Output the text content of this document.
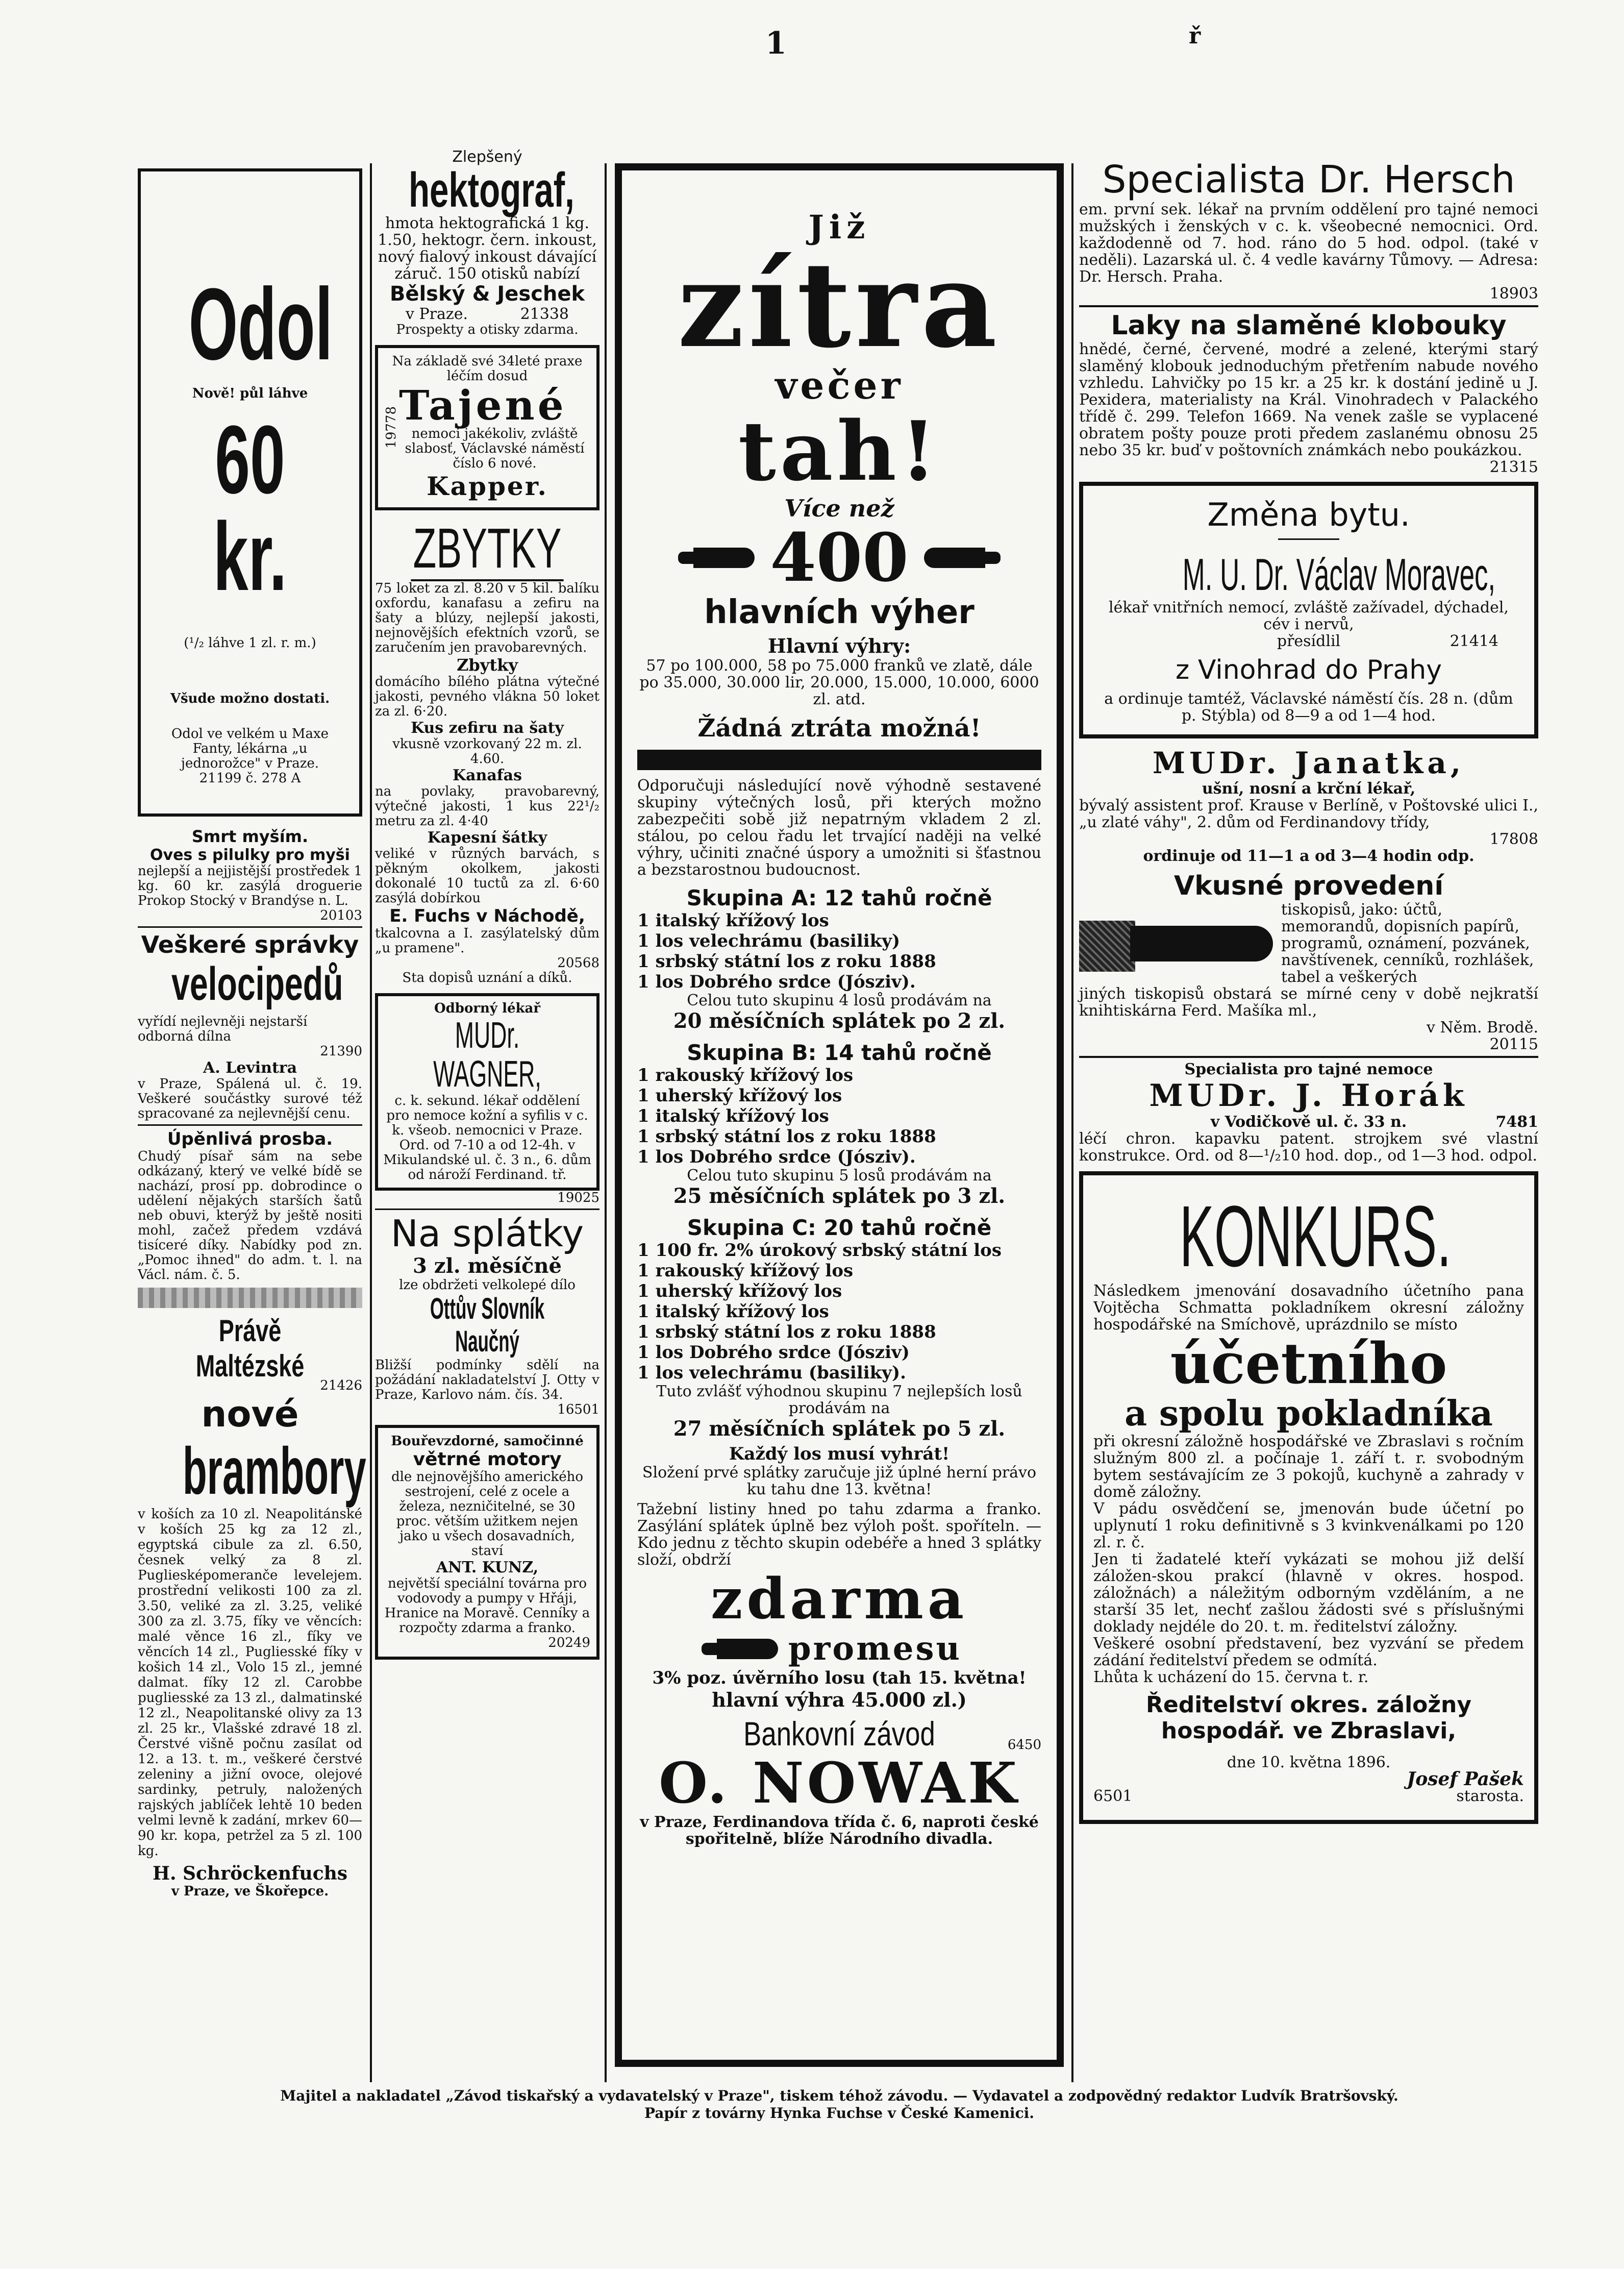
1	ř
Odol
Nově! půl láhve
60 kr.
(¹/₂ láhve 1 zl. r. m.)
Všude možno dostati.
Odol ve velkém u Maxe Fanty, lékárna „u jednorožce" v Praze.
21199 č. 278 A
Smrt myším.
Oves s pilulky pro myši
nejlepší a nejjistější prostředek 1 kg. 60 kr. zasýlá droguerie Prokop Stocký v Brandýse n. L.
20103
Veškeré správky
velocipedů
vyřídí nejlevněji nejstarší odborná dílna
21390
A. Levintra
v Praze, Spálená ul. č. 19. Veškeré součástky surové též spracované za nejlevnější cenu.
Úpěnlivá prosba.
Chudý písař sám na sebe odkázaný, který ve velké bídě se nachází, prosí pp. dobrodince o udělení nějakých starších šatů neb obuvi, kterýž by ještě nositi mohl, začež předem vzdává tisíceré díky. Nabídky pod zn. „Pomoc ihned" do adm. t. l. na Václ. nám. č. 5.
Právě Maltézské
21426
nové
brambory
v koších za 10 zl. Neapolitánské v koších 25 kg za 12 zl., egyptská cibule za zl. 6.50, česnek velký za 8 zl. Pugliesképomeranče levelejem. prostřední velikosti 100 za zl. 3.50, veliké za zl. 3.25, veliké 300 za zl. 3.75, fíky ve věncích: malé věnce 16 zl., fíky ve věncích 14 zl., Pugliesské fíky v košich 14 zl., Volo 15 zl., jemné dalmat. fíky 12 zl. Carobbe pugliesské za 13 zl., dalmatinské 12 zl., Neapolitanské olivy za 13 zl. 25 kr., Vlašské zdravé 18 zl. Čerstvé višně počnu zasílat od 12. a 13. t. m., veškeré čerstvé zeleniny a jižní ovoce, olejové sardinky, petruly, naložených rajských jablíček lehtě 10 beden velmi levně k zadání, mrkev 60—90 kr. kopa, petržel za 5 zl. 100 kg.
H. Schröckenfuchs
v Praze, ve Škořepce.
Zlepšený
hektograf,
hmota hektografická 1 kg. 1.50, hektogr. čern. inkoust, nový fialový inkoust dávající záruč. 150 otisků nabízí
Bělský & Jeschek
v Praze.	21338
Prospekty a otisky zdarma.
Na základě své 34leté praxe léčím dosud
19778 Tajené
nemoci jakékoliv, zvláště slabosť, Václavské náměstí číslo 6 nové.
Kapper.
ZBYTKY
75 loket za zl. 8.20 v 5 kil. balíku oxfordu, kanafasu a zefiru na šaty a blúzy, nejlepší jakosti, nejnovějších efektních vzorů, se zaručením jen pravobarevných.
Zbytky
domácího bílého plátna výtečné jakosti, pevného vlákna 50 loket za zl. 6·20.
Kus zefiru na šaty
vkusně vzorkovaný 22 m. zl. 4.60.
Kanafas
na povlaky, pravobarevný, výtečné jakosti, 1 kus 22¹/₂ metru za zl. 4·40
Kapesní šátky
veliké v různých barvách, s pěkným okolkem, jakosti dokonalé 10 tuctů za zl. 6·60 zasýlá dobírkou
E. Fuchs v Náchodě,
tkalcovna a I. zasýlatelský dům „u pramene".
20568
Sta dopisů uznání a díků.
Odborný lékař
MUDr. WAGNER,
c. k. sekund. lékař oddělení pro nemoce kožní a syfilis v c. k. všeob. nemocnici v Praze. Ord. od 7-10 a od 12-4h. v Mikulandské ul. č. 3 n., 6. dům od nároží Ferdinand. tř.
19025
Na splátky
3 zl. měsíčně
lze obdržeti velkolepé dílo
Ottův Slovník Naučný
Bližší podmínky sdělí na požádání nakladatelství J. Otty v Praze, Karlovo nám. čís. 34.
16501
Bouřevzdorné, samočinné
větrné motory
dle nejnovějšího amerického sestrojení, celé z ocele a železa, nezničitelné, se 30 proc. větším užitkem nejen jako u všech dosavadních, staví
ANT. KUNZ,
největší speciální továrna pro vodovody a pumpy v Hřáji, Hranice na Moravě. Cenníky a rozpočty zdarma a franko.
20249
Již
zítra
večer
tah!
Více než
400
hlavních výher
Hlavní výhry:
57 po 100.000, 58 po 75.000 franků ve zlatě, dále po 35.000, 30.000 lir, 20.000, 15.000, 10.000, 6000 zl. atd.
Žádná ztráta možná!
Odporučuji následující nově výhodně sestavené skupiny výtečných losů, při kterých možno zabezpečiti sobě již nepatrným vkladem 2 zl. stálou, po celou řadu let trvající naději na velké výhry, učiniti značné úspory a umožniti si šťastnou a bezstarostnou budoucnost.
Skupina A: 12 tahů ročně
1 italský křížový los
1 los velechrámu (basiliky)
1 srbský státní los z roku 1888
1 los Dobrého srdce (Jósziv).
Celou tuto skupinu 4 losů prodávám na
20 měsíčních splátek po 2 zl.
Skupina B: 14 tahů ročně
1 rakouský křížový los
1 uherský křížový los
1 italský křížový los
1 srbský státní los z roku 1888
1 los Dobrého srdce (Jósziv).
Celou tuto skupinu 5 losů prodávám na
25 měsíčních splátek po 3 zl.
Skupina C: 20 tahů ročně
1 100 fr. 2% úrokový srbský státní los
1 rakouský křížový los
1 uherský křížový los
1 italský křížový los
1 srbský státní los z roku 1888
1 los Dobrého srdce (Jósziv)
1 los velechrámu (basiliky).
Tuto zvlášť výhodnou skupinu 7 nejlepších losů prodávám na
27 měsíčních splátek po 5 zl.
Každý los musí vyhrát!
Složení prvé splátky zaručuje již úplné herní právo ku tahu dne 13. května!
Tažební listiny hned po tahu zdarma a franko. Zasýlání splátek úplně bez výloh pošt. spoříteln. — Kdo jednu z těchto skupin odebéře a hned 3 splátky složí, obdrží
zdarma
promesu
3% poz. úvěrního losu (tah 15. května!
hlavní výhra 45.000 zl.)
Bankovní závod	6450
O. NOWAK
v Praze, Ferdinandova třída č. 6, naproti české spořitelně, blíže Národního divadla.
Specialista Dr. Hersch
em. první sek. lékař na prvním oddělení pro tajné nemoci mužských i ženských v c. k. všeobecné nemocnici. Ord. každodenně od 7. hod. ráno do 5 hod. odpol. (také v neděli). Lazarská ul. č. 4 vedle kavárny Tůmovy. — Adresa: Dr. Hersch. Praha.
18903
Laky na slaměné klobouky
hnědé, černé, červené, modré a zelené, kterými starý slaměný klobouk jednoduchým přetřením nabude nového vzhledu. Lahvičky po 15 kr. a 25 kr. k dostání jedině u J. Pexidera, materialisty na Král. Vinohradech v Palackého třídě č. 299. Telefon 1669. Na venek zašle se vyplacené obratem pošty pouze proti předem zaslanému obnosu 25 nebo 35 kr. buď v poštovních známkách nebo poukázkou.
21315
Změna bytu.
M. U. Dr. Václav Moravec,
lékař vnitřních nemocí, zvláště zažívadel, dýchadel, cév i nervů,
přesídlil	21414
z Vinohrad do Prahy
a ordinuje tamtéž, Václavské náměstí čís. 28 n. (dům p. Stýbla) od 8—9 a od 1—4 hod.
MUDr. Janatka,
ušní, nosní a krční lékař,
bývalý assistent prof. Krause v Berlíně, v Poštovské ulici I., „u zlaté váhy", 2. dům od Ferdinandovy třídy,
17808
ordinuje od 11—1 a od 3—4 hodin odp.
Vkusné provedení
tiskopisů, jako: účtů, memorandů, dopisních papírů, programů, oznámení, pozvánek, navštívenek, cenníků, rozhlášek, tabel a veškerých
jiných tiskopisů obstará se mírné ceny v době nejkratší knihtiskárna Ferd. Mašíka ml.,
v Něm. Brodě.
20115
Specialista pro tajné nemoce
MUDr. J. Horák
v Vodičkově ul. č. 33 n.	7481
léčí chron. kapavku patent. strojkem své vlastní konstrukce. Ord. od 8—¹/₂10 hod. dop., od 1—3 hod. odpol.
KONKURS.
Následkem jmenování dosavadního účetního pana Vojtěcha Schmatta pokladníkem okresní záložny hospodářské na Smíchově, uprázdnilo se místo
účetního
a spolu pokladníka
při okresní záložně hospodářské ve Zbraslavi s ročním služným 800 zl. a počínaje 1. září t. r. svobodným bytem sestávajícím ze 3 pokojů, kuchyně a zahrady v domě záložny.
V pádu osvědčení se, jmenován bude účetní po uplynutí 1 roku definitivně s 3 kvinkvenálkami po 120 zl. r. č.
Jen ti žadatelé kteří vykázati se mohou již delší záložen-skou prakcí (hlavně v okres. hospod. záložnách) a náležitým odborným vzděláním, a ne starší 35 let, nechť zašlou žádosti své s příslušnými doklady nejdéle do 20. t. m. ředitelství záložny.
Veškeré osobní představení, bez vyzvání se předem zádání ředitelství předem se odmítá.
Lhůta k ucházení do 15. června t. r.
Ředitelství okres. záložny hospodář. ve Zbraslavi,
dne 10. května 1896.
Josef Pašek
6501	starosta.
Majitel a nakladatel „Závod tiskařský a vydavatelský v Praze", tiskem téhož závodu. — Vydavatel a zodpovědný redaktor Ludvík Bratršovský.
Papír z továrny Hynka Fuchse v České Kamenici.
